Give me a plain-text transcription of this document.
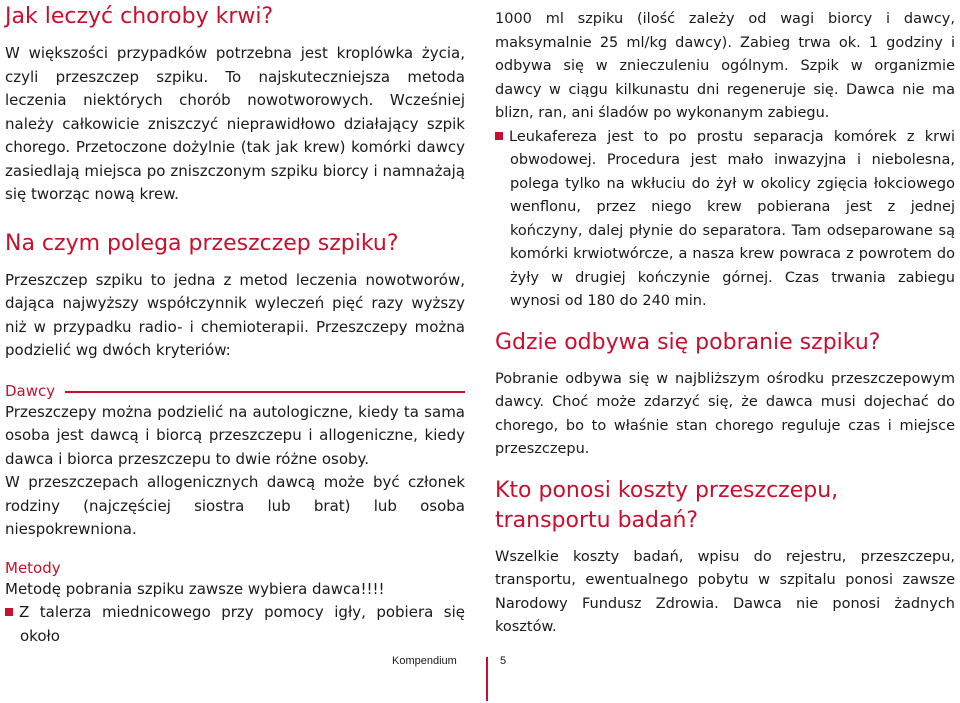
Jak leczyć choroby krwi?

W większości przypadków potrzebna jest kroplówka życia, czyli przeszczep szpiku. To najskuteczniejsza metoda leczenia niektórych chorób nowotworowych. Wcześniej należy całkowicie zniszczyć nieprawidłowo działający szpik chorego. Przetoczone dożylnie (tak jak krew) komórki dawcy zasiedlają miejsca po zniszczonym szpiku biorcy i namnażają się tworząc nową krew.

Na czym polega przeszczep szpiku?

Przeszczep szpiku to jedna z metod leczenia nowotworów, dająca najwyższy współczynnik wyleczeń pięć razy wyższy niż w przypadku radio- i chemioterapii. Przeszczepy można podzielić wg dwóch kryteriów:

Dawcy

Przeszczepy można podzielić na autologiczne, kiedy ta sama osoba jest dawcą i biorcą przeszczepu i allogeniczne, kiedy dawca i biorca przeszczepu to dwie różne osoby.

W przeszczepach allogenicznych dawcą może być członek rodziny (najczęściej siostra lub brat) lub osoba niespokrewniona.

Metody

Metodę pobrania szpiku zawsze wybiera dawca!!!!

Z talerza miednicowego przy pomocy igły, pobiera się około

1000 ml szpiku (ilość zależy od wagi biorcy i dawcy, maksymalnie 25 ml/kg dawcy). Zabieg trwa ok. 1 godziny i odbywa się w znieczuleniu ogólnym. Szpik w organizmie dawcy w ciągu kilkunastu dni regeneruje się. Dawca nie ma blizn, ran, ani śladów po wykonanym zabiegu.

Leukafereza jest to po prostu separacja komórek z krwi obwodowej. Procedura jest mało inwazyjna i niebolesna, polega tylko na wkłuciu do żył w okolicy zgięcia łokciowego wenflonu, przez niego krew pobierana jest z jednej kończyny, dalej płynie do separatora. Tam odseparowane są komórki krwiotwórcze, a nasza krew powraca z powrotem do żyły w drugiej kończynie górnej. Czas trwania zabiegu wynosi od 180 do 240 min.

Gdzie odbywa się pobranie szpiku?

Pobranie odbywa się w najbliższym ośrodku przeszczepowym dawcy. Choć może zdarzyć się, że dawca musi dojechać do chorego, bo to właśnie stan chorego reguluje czas i miejsce przeszczepu.

Kto ponosi koszty przeszczepu, transportu badań?

Wszelkie koszty badań, wpisu do rejestru, przeszczepu, transportu, ewentualnego pobytu w szpitalu ponosi zawsze Narodowy Fundusz Zdrowia. Dawca nie ponosi żadnych kosztów.

Kompendium	5
